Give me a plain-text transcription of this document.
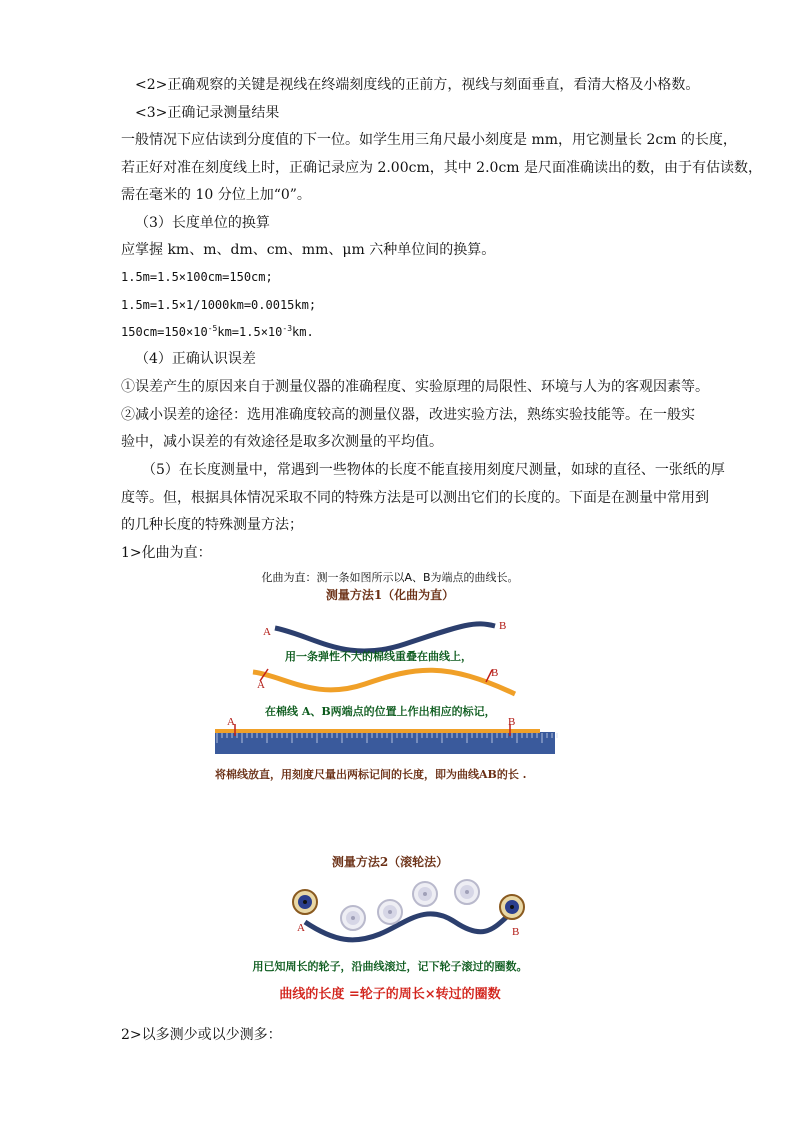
<2>正确观察的关键是视线在终端刻度线的正前方，视线与刻面垂直，看清大格及小格数。
<3>正确记录测量结果
一般情况下应估读到分度值的下一位。如学生用三角尺最小刻度是 mm，用它测量长 2cm 的长度，
若正好对准在刻度线上时，正确记录应为 2.00cm，其中 2.0cm 是尺面准确读出的数，由于有估读数，
需在毫米的 10 分位上加“0”。
（3）长度单位的换算
应掌握 km、m、dm、cm、mm、μm 六种单位间的换算。
1.5m=1.5×100cm=150cm;
1.5m=1.5×1/1000km=0.0015km;
$150cm=150\times 10^{-5}km=1.5\times 10^{-3}km$.
（4）正确认识误差
①误差产生的原因来自于测量仪器的准确程度、实验原理的局限性、环境与人为的客观因素等。
②减小误差的途径：选用准确度较高的测量仪器，改进实验方法，熟练实验技能等。在一般实
验中，减小误差的有效途径是取多次测量的平均值。
（5）在长度测量中，常遇到一些物体的长度不能直接用刻度尺测量，如球的直径、一张纸的厚
度等。但，根据具体情况采取不同的特殊方法是可以测出它们的长度的。下面是在测量中常用到
的几种长度的特殊测量方法；
1>化曲为直：
化曲为直：测一条如图所示以A、B为端点的曲线长。
测量方法1（化曲为直）
A	B
A
B
A	B
用一条弹性不大的棉线重叠在曲线上，
在棉线 A、B两端点的位置上作出相应的标记，
将棉线放直，用刻度尺量出两标记间的长度，即为曲线AB的长 .
测量方法2（滚轮法）
A	B
用已知周长的轮子，沿曲线滚过，记下轮子滚过的圈数。
曲线的长度 =轮子的周长×转过的圈数
2>以多测少或以少测多：
